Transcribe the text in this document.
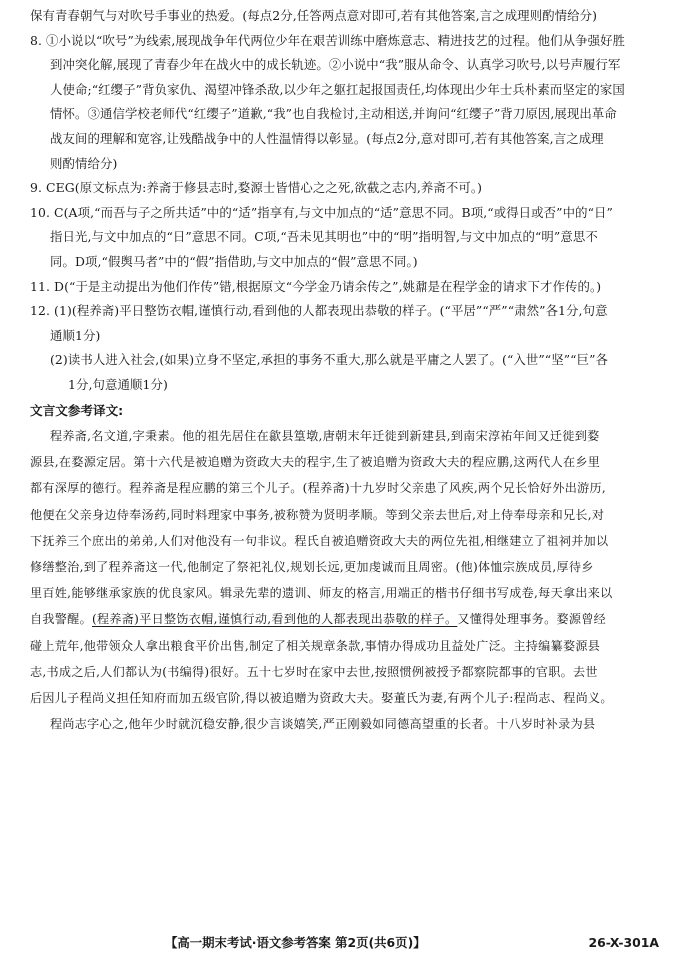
保有青春朝气与对吹号手事业的热爱。(每点2分,任答两点意对即可,若有其他答案,言之成理则酌情给分)
8. ①小说以“吹号”为线索,展现战争年代两位少年在艰苦训练中磨炼意志、精进技艺的过程。他们从争强好胜
到冲突化解,展现了青春少年在战火中的成长轨迹。②小说中“我”服从命令、认真学习吹号,以号声履行军
人使命;“红缨子”背负家仇、渴望冲锋杀敌,以少年之躯扛起报国责任,均体现出少年士兵朴素而坚定的家国
情怀。③通信学校老师代“红缨子”道歉,“我”也自我检讨,主动相送,并询问“红缨子”背刀原因,展现出革命
战友间的理解和宽容,让残酷战争中的人性温情得以彰显。(每点2分,意对即可,若有其他答案,言之成理
则酌情给分)
9. CEG(原文标点为:养斋于修县志时,婺源士皆惜心之之死,欲截之志内,养斋不可。)
10. C(A项,“而吾与子之所共适”中的“适”指享有,与文中加点的“适”意思不同。B项,“或得日或否”中的“日”
指日光,与文中加点的“日”意思不同。C项,“吾未见其明也”中的“明”指明智,与文中加点的“明”意思不
同。D项,“假舆马者”中的“假”指借助,与文中加点的“假”意思不同。)
11. D(“于是主动提出为他们作传”错,根据原文“今学金乃请余传之”,姚鼐是在程学金的请求下才作传的。)
12. (1)(程养斋)平日整饬衣帽,谨慎行动,看到他的人都表现出恭敬的样子。(“平居”“严”“肃然”各1分,句意
通顺1分)
(2)读书人进入社会,(如果)立身不坚定,承担的事务不重大,那么就是平庸之人罢了。(“入世”“坚”“巨”各
1分,句意通顺1分)
文言文参考译文:
程养斋,名文道,字秉素。他的祖先居住在歙县篁墩,唐朝末年迁徙到新建县,到南宋淳祐年间又迁徙到婺
源县,在婺源定居。第十六代是被追赠为资政大夫的程宇,生了被追赠为资政大夫的程应鹏,这两代人在乡里
都有深厚的德行。程养斋是程应鹏的第三个儿子。(程养斋)十九岁时父亲患了风疾,两个兄长恰好外出游历,
他便在父亲身边侍奉汤药,同时料理家中事务,被称赞为贤明孝顺。等到父亲去世后,对上侍奉母亲和兄长,对
下抚养三个庶出的弟弟,人们对他没有一句非议。程氏自被追赠资政大夫的两位先祖,相继建立了祖祠并加以
修缮整治,到了程养斋这一代,他制定了祭祀礼仪,规划长远,更加虔诚而且周密。(他)体恤宗族成员,厚待乡
里百姓,能够继承家族的优良家风。辑录先辈的遗训、师友的格言,用端正的楷书仔细书写成卷,每天拿出来以
自我警醒。(程养斋)平日整饬衣帽,谨慎行动,看到他的人都表现出恭敬的样子。又懂得处理事务。婺源曾经
碰上荒年,他带领众人拿出粮食平价出售,制定了相关规章条款,事情办得成功且益处广泛。主持编纂婺源县
志,书成之后,人们都认为(书编得)很好。五十七岁时在家中去世,按照惯例被授予都察院都事的官职。去世
后因儿子程尚义担任知府而加五级官阶,得以被追赠为资政大夫。娶董氏为妻,有两个儿子:程尚志、程尚义。
程尚志字心之,他年少时就沉稳安静,很少言谈嬉笑,严正刚毅如同德高望重的长者。十八岁时补录为县
【高一期末考试·语文参考答案 第2页(共6页)】	26-X-301A
